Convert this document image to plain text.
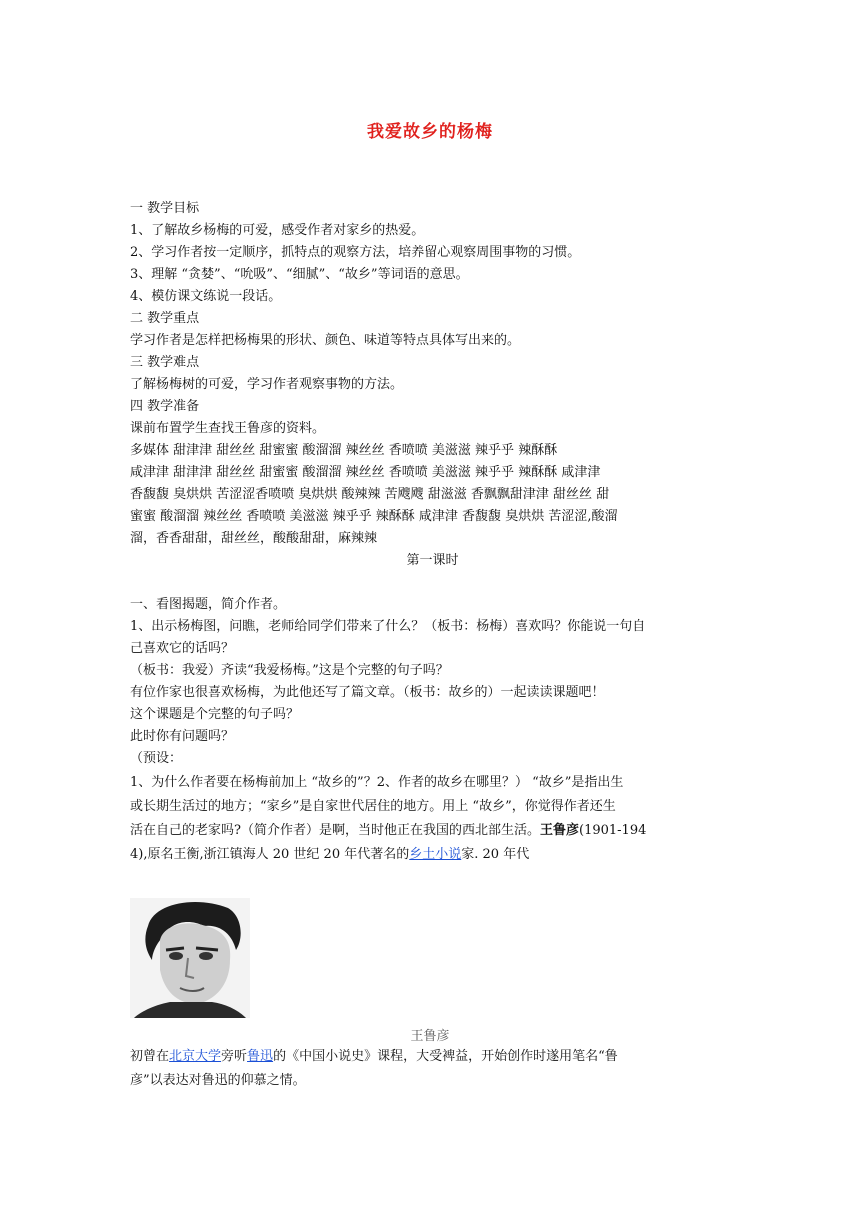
我爱故乡的杨梅
一 教学目标
1、了解故乡杨梅的可爱，感受作者对家乡的热爱。
2、学习作者按一定顺序，抓特点的观察方法，培养留心观察周围事物的习惯。
3、理解 “贪婪”、“吮吸”、“细腻”、“故乡”等词语的意思。
4、模仿课文练说一段话。
二 教学重点
学习作者是怎样把杨梅果的形状、颜色、味道等特点具体写出来的。
三 教学难点
了解杨梅树的可爱，学习作者观察事物的方法。
四 教学准备
课前布置学生查找王鲁彦的资料。
多媒体 甜津津 甜丝丝 甜蜜蜜 酸溜溜 辣丝丝 香喷喷 美滋滋 辣乎乎 辣酥酥
咸津津 甜津津 甜丝丝 甜蜜蜜 酸溜溜 辣丝丝 香喷喷 美滋滋 辣乎乎 辣酥酥 咸津津
香馥馥 臭烘烘 苦涩涩香喷喷 臭烘烘 酸辣辣 苦飕飕 甜滋滋 香飘飘甜津津 甜丝丝 甜
蜜蜜 酸溜溜 辣丝丝 香喷喷 美滋滋 辣乎乎 辣酥酥 咸津津 香馥馥 臭烘烘 苦涩涩,酸溜
溜，香香甜甜，甜丝丝，酸酸甜甜，麻辣辣
第一课时
一、看图揭题，简介作者。
1、出示杨梅图，问瞧，老师给同学们带来了什么？（板书：杨梅）喜欢吗？你能说一句自
己喜欢它的话吗？
（板书：我爱）齐读“我爱杨梅。”这是个完整的句子吗？
有位作家也很喜欢杨梅，为此他还写了篇文章。（板书：故乡的）一起读读课题吧！
这个课题是个完整的句子吗？
此时你有问题吗？
（预设：
1、为什么作者要在杨梅前加上 “故乡的”？2、作者的故乡在哪里？） “故乡”是指出生
或长期生活过的地方；“家乡”是自家世代居住的地方。用上 “故乡”，你觉得作者还生
活在自己的老家吗?（简介作者）是啊，当时他正在我国的西北部生活。王鲁彦(1901-194
4),原名王衡,浙江镇海人 20 世纪 20 年代著名的乡土小说家. 20 年代
王鲁彦
初曾在北京大学旁听鲁迅的《中国小说史》课程，大受裨益，开始创作时遂用笔名“鲁
彦”以表达对鲁迅的仰慕之情。
